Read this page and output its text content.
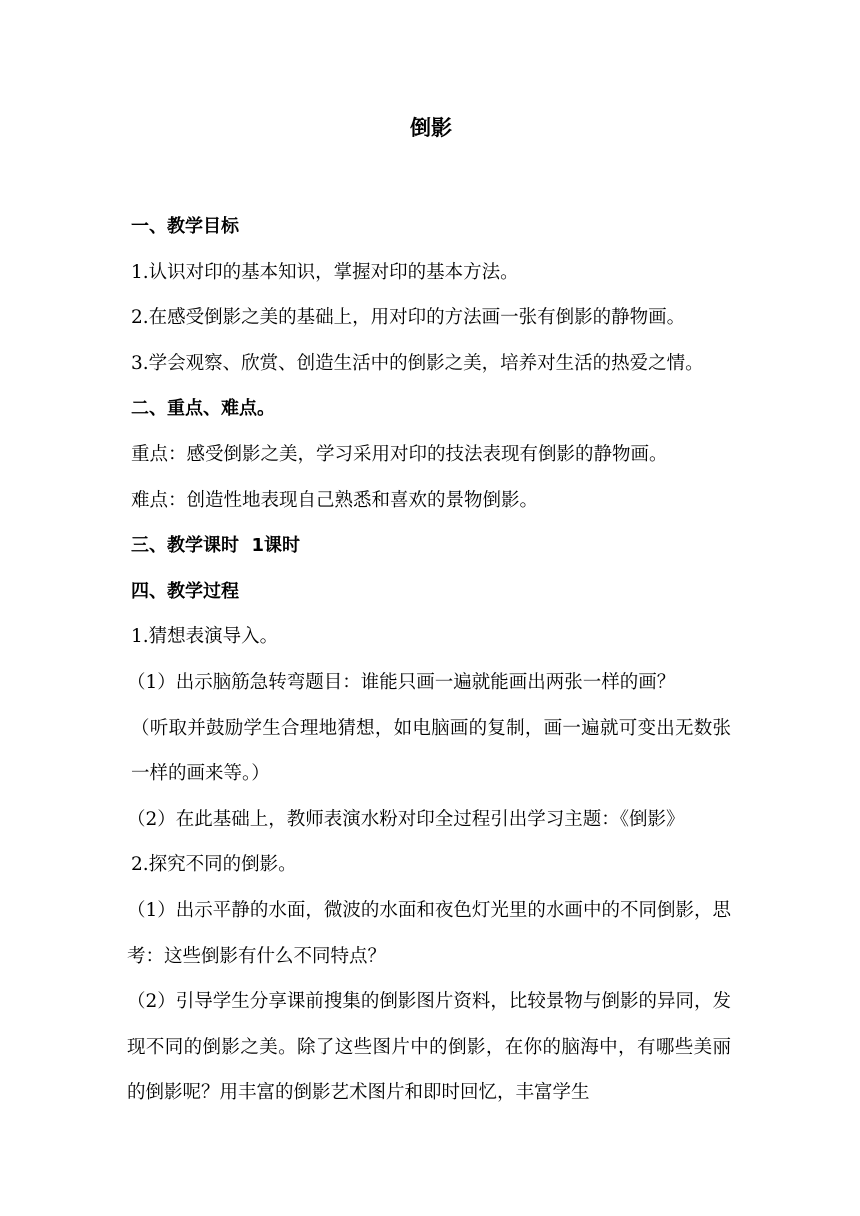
倒影

一、教学目标

1.认识对印的基本知识，掌握对印的基本方法。

2.在感受倒影之美的基础上，用对印的方法画一张有倒影的静物画。

3.学会观察、欣赏、创造生活中的倒影之美，培养对生活的热爱之情。

二、重点、难点。

重点：感受倒影之美，学习采用对印的技法表现有倒影的静物画。

难点：创造性地表现自己熟悉和喜欢的景物倒影。

三、教学课时  1课时

四、教学过程

1.猜想表演导入。

（1）出示脑筋急转弯题目：谁能只画一遍就能画出两张一样的画？

（听取并鼓励学生合理地猜想，如电脑画的复制，画一遍就可变出无数张一样的画来等。）

（2）在此基础上，教师表演水粉对印全过程引出学习主题：《倒影》

2.探究不同的倒影。

（1）出示平静的水面，微波的水面和夜色灯光里的水画中的不同倒影，思考：这些倒影有什么不同特点？

（2）引导学生分享课前搜集的倒影图片资料，比较景物与倒影的异同，发现不同的倒影之美。除了这些图片中的倒影，在你的脑海中，有哪些美丽的倒影呢？用丰富的倒影艺术图片和即时回忆，丰富学生
